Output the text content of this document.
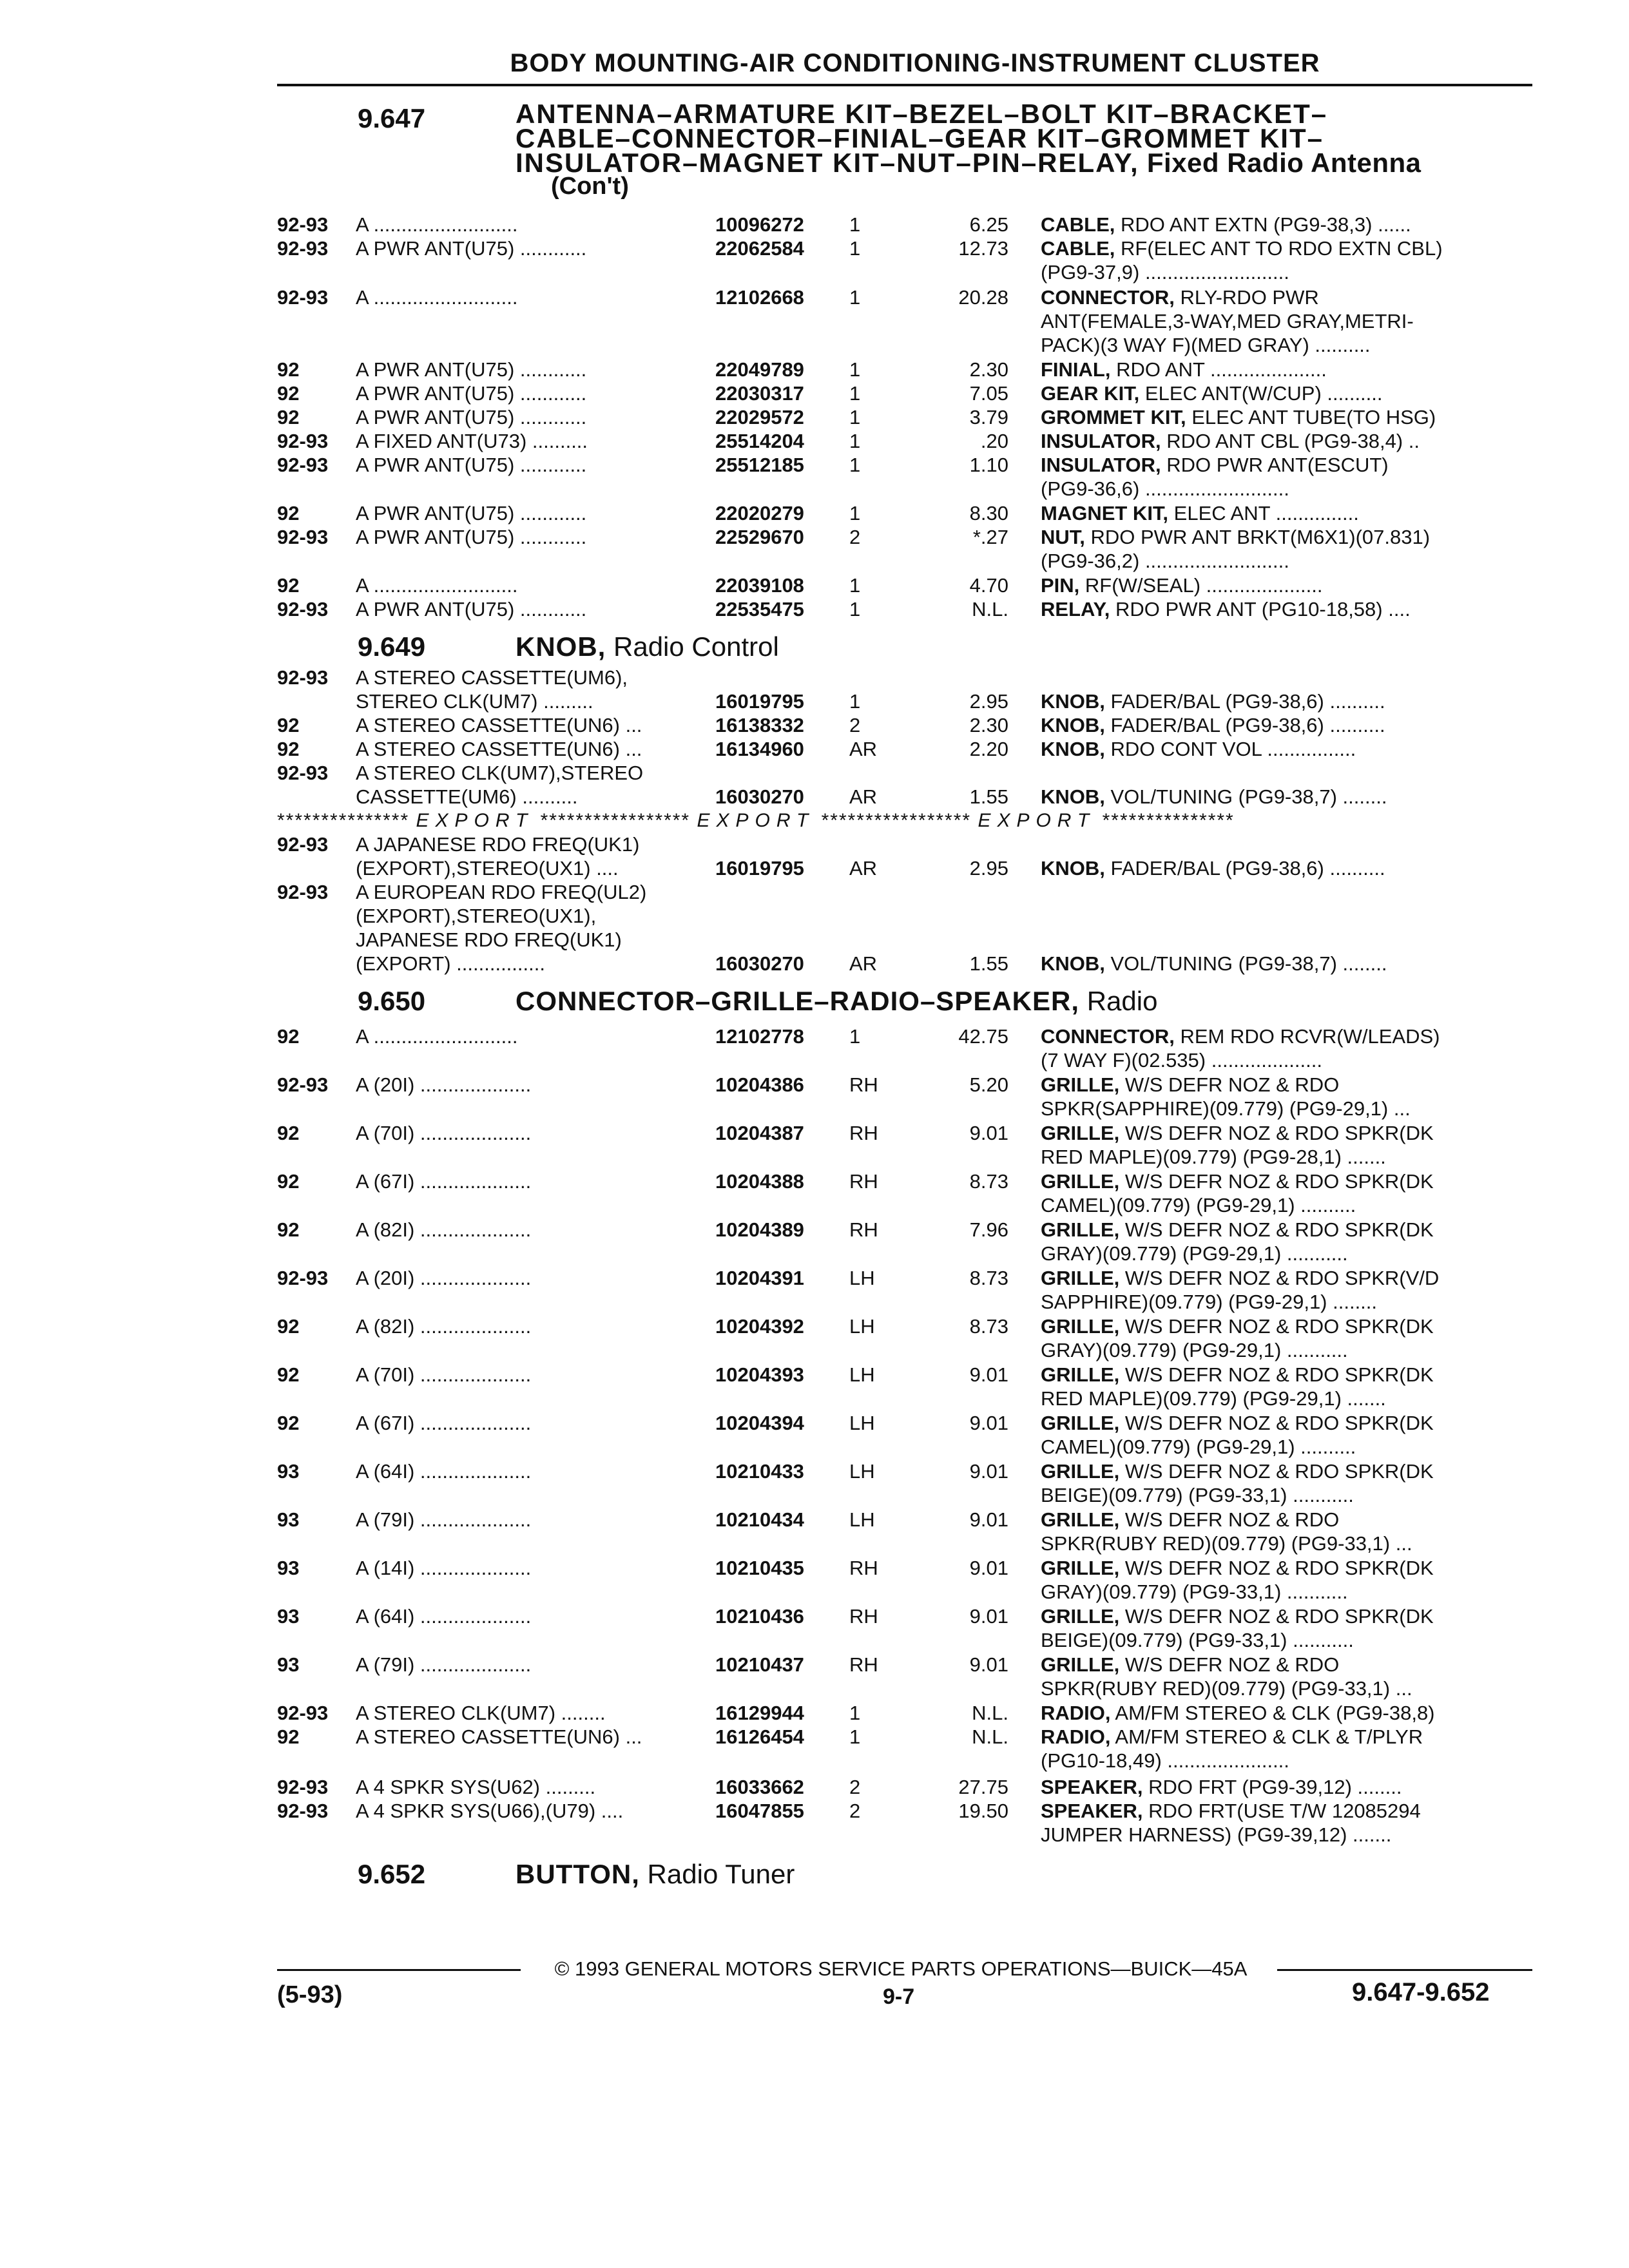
BODY MOUNTING-AIR CONDITIONING-INSTRUMENT CLUSTER
9.647	ANTENNA–ARMATURE KIT–BEZEL–BOLT KIT–BRACKET–
CABLE–CONNECTOR–FINIAL–GEAR KIT–GROMMET KIT–
INSULATOR–MAGNET KIT–NUT–PIN–RELAY, Fixed Radio Antenna
(Con't)
92-93 A ..........................	10096272 1	6.25 CABLE, RDO ANT EXTN (PG9-38,3) ......
92-93 A PWR ANT(U75) ............	22062584 1	12.73 CABLE, RF(ELEC ANT TO RDO EXTN CBL)
(PG9-37,9) ..........................
92-93 A ..........................	12102668 1	20.28 CONNECTOR, RLY-RDO PWR
ANT(FEMALE,3-WAY,MED GRAY,METRI-
PACK)(3 WAY F)(MED GRAY) ..........
92	A PWR ANT(U75) ............	22049789 1	2.30 FINIAL, RDO ANT .....................
92	A PWR ANT(U75) ............	22030317 1	7.05 GEAR KIT, ELEC ANT(W/CUP) ..........
92	A PWR ANT(U75) ............	22029572 1	3.79 GROMMET KIT, ELEC ANT TUBE(TO HSG)
92-93 A FIXED ANT(U73) ..........	25514204 1	.20 INSULATOR, RDO ANT CBL (PG9-38,4) ..
92-93 A PWR ANT(U75) ............	25512185 1	1.10 INSULATOR, RDO PWR ANT(ESCUT)
(PG9-36,6) ..........................
92	A PWR ANT(U75) ............	22020279 1	8.30 MAGNET KIT, ELEC ANT ...............
92-93 A PWR ANT(U75) ............	22529670 2	*.27 NUT, RDO PWR ANT BRKT(M6X1)(07.831)
(PG9-36,2) ..........................
92	A ..........................	22039108 1	4.70 PIN, RF(W/SEAL) .....................
92-93 A PWR ANT(U75) ............	22535475 1	N.L. RELAY, RDO PWR ANT (PG10-18,58) ....
9.649	KNOB, Radio Control
92-93 A STEREO CASSETTE(UM6),
STEREO CLK(UM7) .........	16019795 1	2.95 KNOB, FADER/BAL (PG9-38,6) ..........
92	A STEREO CASSETTE(UN6) ...	16138332 2	2.30 KNOB, FADER/BAL (PG9-38,6) ..........
92	A STEREO CASSETTE(UN6) ...	16134960 AR	2.20 KNOB, RDO CONT VOL ................
92-93 A STEREO CLK(UM7),STEREO
CASSETTE(UM6) ..........	16030270 AR	1.55 KNOB, VOL/TUNING (PG9-38,7) ........
*************** EXPORT ***************** EXPORT ***************** EXPORT ***************
92-93 A JAPANESE RDO FREQ(UK1)
(EXPORT),STEREO(UX1) ....	16019795 AR	2.95 KNOB, FADER/BAL (PG9-38,6) ..........
92-93 A EUROPEAN RDO FREQ(UL2)
(EXPORT),STEREO(UX1),
JAPANESE RDO FREQ(UK1)
(EXPORT) ................	16030270 AR	1.55 KNOB, VOL/TUNING (PG9-38,7) ........
9.650	CONNECTOR–GRILLE–RADIO–SPEAKER, Radio
92	A ..........................	12102778 1	42.75 CONNECTOR, REM RDO RCVR(W/LEADS)
(7 WAY F)(02.535) ....................
92-93 A (20I) ....................	10204386 RH	5.20 GRILLE, W/S DEFR NOZ & RDO
SPKR(SAPPHIRE)(09.779) (PG9-29,1) ...
92	A (70I) ....................	10204387 RH	9.01 GRILLE, W/S DEFR NOZ & RDO SPKR(DK
RED MAPLE)(09.779) (PG9-28,1) .......
92	A (67I) ....................	10204388 RH	8.73 GRILLE, W/S DEFR NOZ & RDO SPKR(DK
CAMEL)(09.779) (PG9-29,1) ..........
92	A (82I) ....................	10204389 RH	7.96 GRILLE, W/S DEFR NOZ & RDO SPKR(DK
GRAY)(09.779) (PG9-29,1) ...........
92-93 A (20I) ....................	10204391 LH	8.73 GRILLE, W/S DEFR NOZ & RDO SPKR(V/D
SAPPHIRE)(09.779) (PG9-29,1) ........
92	A (82I) ....................	10204392 LH	8.73 GRILLE, W/S DEFR NOZ & RDO SPKR(DK
GRAY)(09.779) (PG9-29,1) ...........
92	A (70I) ....................	10204393 LH	9.01 GRILLE, W/S DEFR NOZ & RDO SPKR(DK
RED MAPLE)(09.779) (PG9-29,1) .......
92	A (67I) ....................	10204394 LH	9.01 GRILLE, W/S DEFR NOZ & RDO SPKR(DK
CAMEL)(09.779) (PG9-29,1) ..........
93	A (64I) ....................	10210433 LH	9.01 GRILLE, W/S DEFR NOZ & RDO SPKR(DK
BEIGE)(09.779) (PG9-33,1) ...........
93	A (79I) ....................	10210434 LH	9.01 GRILLE, W/S DEFR NOZ & RDO
SPKR(RUBY RED)(09.779) (PG9-33,1) ...
93	A (14I) ....................	10210435 RH	9.01 GRILLE, W/S DEFR NOZ & RDO SPKR(DK
GRAY)(09.779) (PG9-33,1) ...........
93	A (64I) ....................	10210436 RH	9.01 GRILLE, W/S DEFR NOZ & RDO SPKR(DK
BEIGE)(09.779) (PG9-33,1) ...........
93	A (79I) ....................	10210437 RH	9.01 GRILLE, W/S DEFR NOZ & RDO
SPKR(RUBY RED)(09.779) (PG9-33,1) ...
92-93 A STEREO CLK(UM7) ........	16129944 1	N.L. RADIO, AM/FM STEREO & CLK (PG9-38,8)
92	A STEREO CASSETTE(UN6) ...	16126454 1	N.L. RADIO, AM/FM STEREO & CLK & T/PLYR
(PG10-18,49) ......................
92-93 A 4 SPKR SYS(U62) .........	16033662 2	27.75 SPEAKER, RDO FRT (PG9-39,12) ........
92-93 A 4 SPKR SYS(U66),(U79) ....	16047855 2	19.50 SPEAKER, RDO FRT(USE T/W 12085294
JUMPER HARNESS) (PG9-39,12) .......
9.652	BUTTON, Radio Tuner
© 1993 GENERAL MOTORS SERVICE PARTS OPERATIONS—BUICK—45A
(5-93)	9-7	9.647-9.652
